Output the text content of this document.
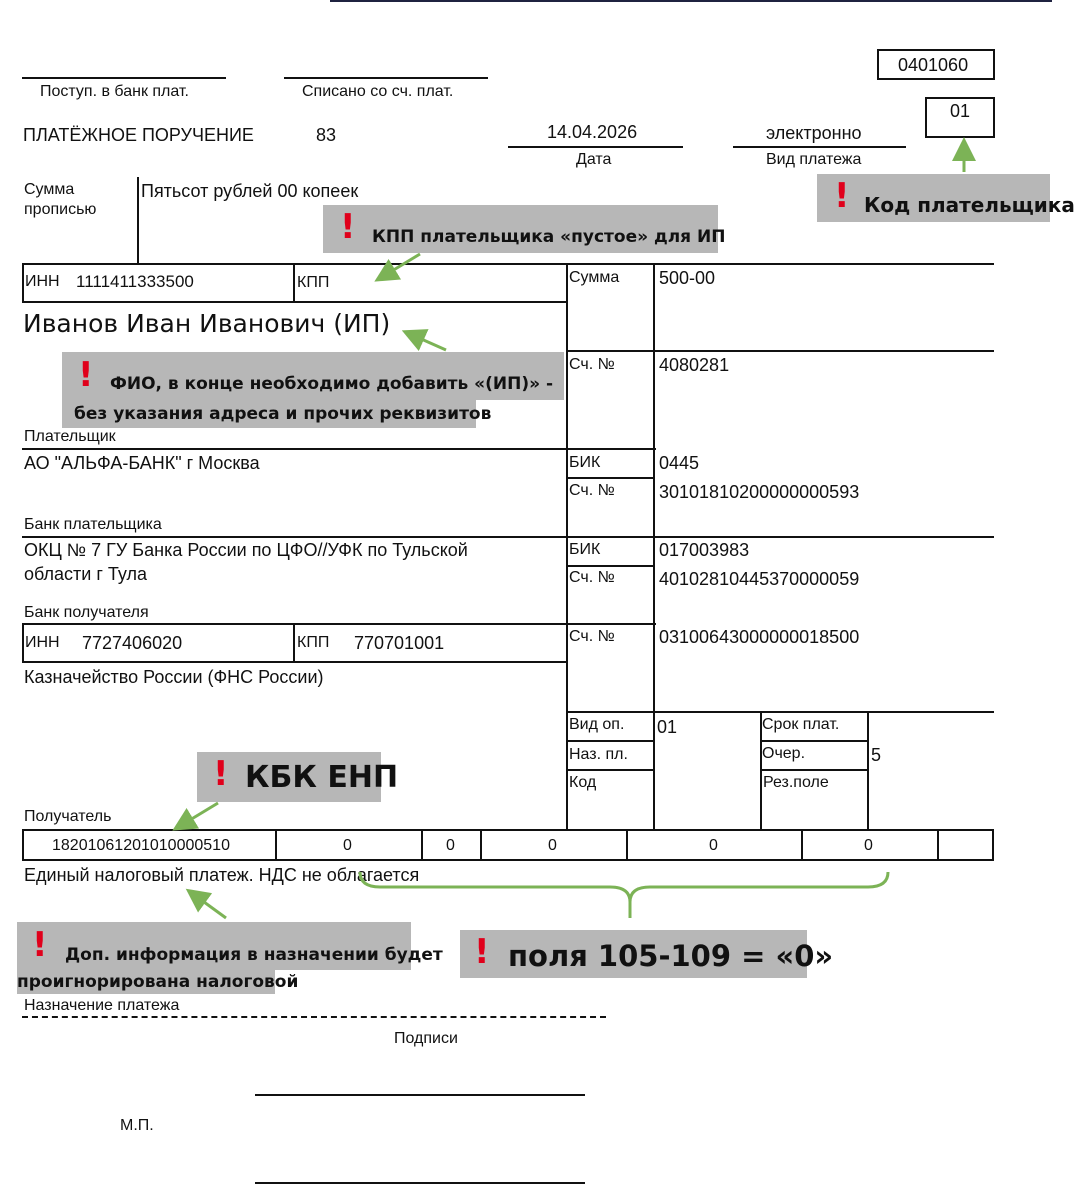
0401060
01
Поступ. в банк плат.	Списано со сч. плат.
ПЛАТЁЖНОЕ ПОРУЧЕНИЕ	83	14.04.2026
Дата
электронно
Вид платежа
Сумма
прописью
Пятьсот рублей 00 копеек
ИНН 1111411333500	КПП	Сумма 500-00
Иванов Иван Иванович (ИП)
Сч. № 4080281
Плательщик
АО "АЛЬФА-БАНК" г Москва	БИК	0445
Сч. № 30101810200000000593
Банк плательщика
ОКЦ № 7 ГУ Банка России по ЦФО//УФК по Тульской
области г Тула
БИК	017003983
Сч. № 40102810445370000059
Банк получателя
ИНН 7727406020	КПП 770701001	Сч. № 03100643000000018500
Казначейство России (ФНС России)
Получатель
Вид оп. 01
Наз. пл.
Код
Срок плат.
Очер.	5
Рез.поле
18201061201010000510	0	0	0	0	0
Единый налоговый платеж. НДС не облагается
Назначение платежа
Подписи
М.П.
! Код плательщика
! КПП плательщика «пустое» для ИП
! ФИО, в конце необходимо добавить «(ИП)» -
без указания адреса и прочих реквизитов
! КБК ЕНП
! Доп. информация в назначении будет
проигнорирована налоговой
! поля 105-109 = «0»
